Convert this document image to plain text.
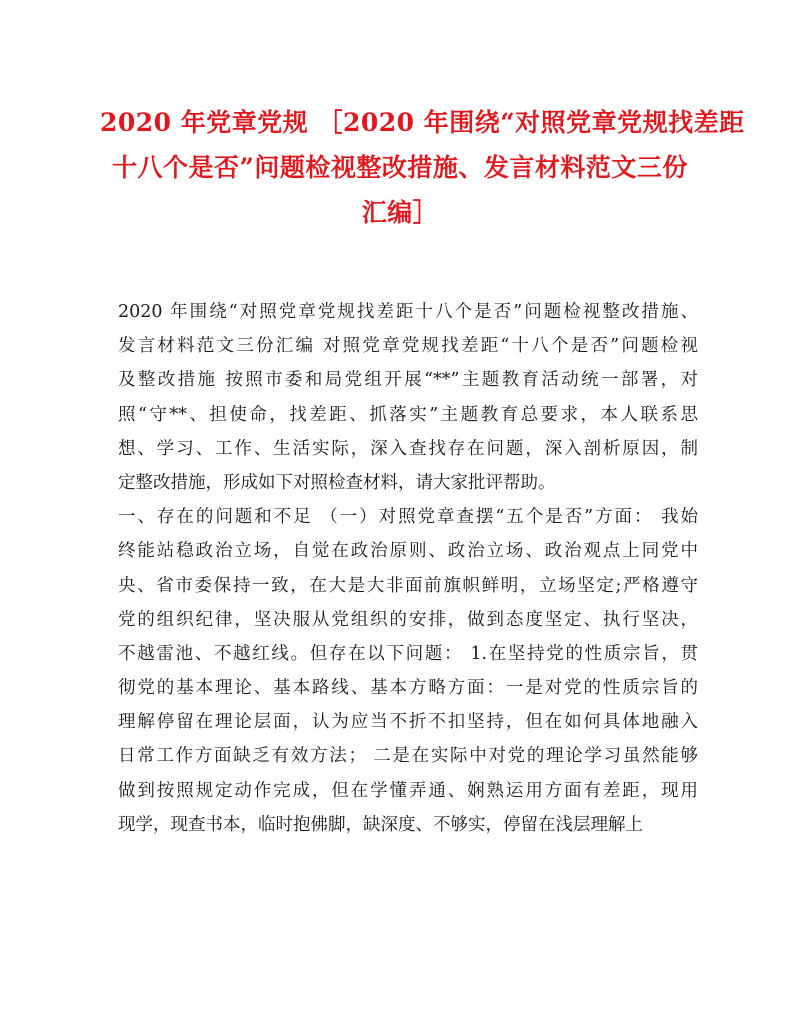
2020 年党章党规 ［2020 年围绕“对照党章党规找差距
十八个是否”问题检视整改措施、发言材料范文三份
汇编］
2020 年围绕“对照党章党规找差距十八个是否”问题检视整改措施、
发言材料范文三份汇编 对照党章党规找差距“十八个是否”问题检视
及整改措施 按照市委和局党组开展“**”主题教育活动统一部署，对
照“守**、担使命，找差距、抓落实”主题教育总要求，本人联系思
想、学习、工作、生活实际，深入查找存在问题，深入剖析原因，制
定整改措施，形成如下对照检查材料，请大家批评帮助。
一、存在的问题和不足 （一）对照党章查摆“五个是否”方面： 我始
终能站稳政治立场，自觉在政治原则、政治立场、政治观点上同党中
央、省市委保持一致，在大是大非面前旗帜鲜明，立场坚定;严格遵守
党的组织纪律，坚决服从党组织的安排，做到态度坚定、执行坚决，
不越雷池、不越红线。但存在以下问题： 1.在坚持党的性质宗旨，贯
彻党的基本理论、基本路线、基本方略方面：一是对党的性质宗旨的
理解停留在理论层面，认为应当不折不扣坚持，但在如何具体地融入
日常工作方面缺乏有效方法； 二是在实际中对党的理论学习虽然能够
做到按照规定动作完成，但在学懂弄通、娴熟运用方面有差距，现用
现学，现查书本，临时抱佛脚，缺深度、不够实，停留在浅层理解上
